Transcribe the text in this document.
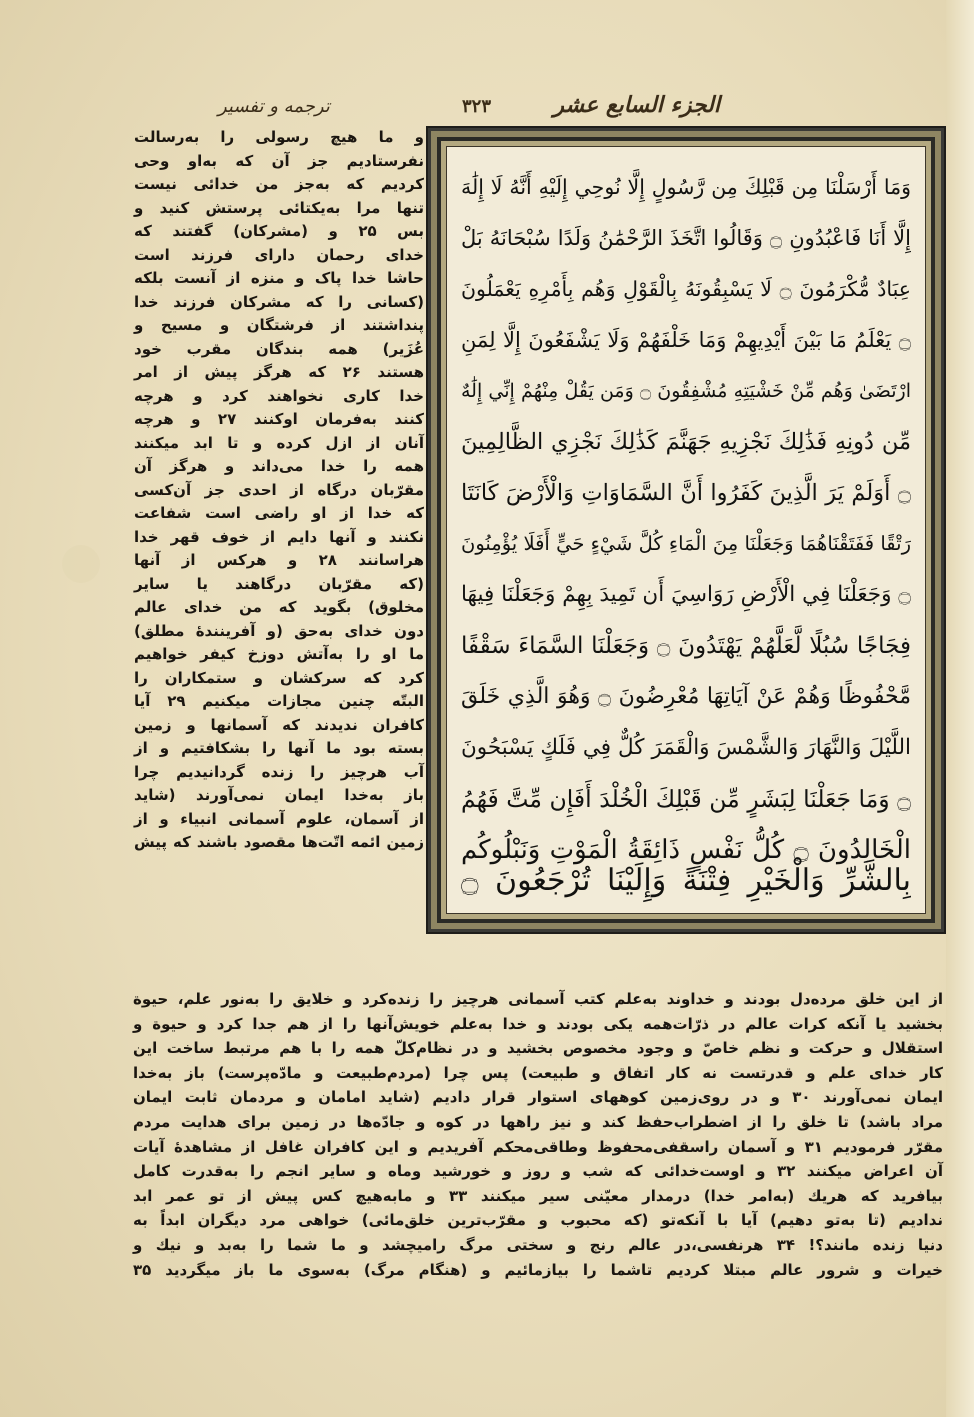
الجزء السابع عشر
۳۲۳
ترجمه و تفسیر
وَمَا أَرْسَلْنَا مِن قَبْلِكَ مِن رَّسُولٍ إِلَّا نُوحِي إِلَيْهِ أَنَّهُ لَا إِلَٰهَ
إِلَّا أَنَا فَاعْبُدُونِ ۝ وَقَالُوا اتَّخَذَ الرَّحْمَٰنُ وَلَدًا سُبْحَانَهُ بَلْ
عِبَادٌ مُّكْرَمُونَ ۝ لَا يَسْبِقُونَهُ بِالْقَوْلِ وَهُم بِأَمْرِهِ يَعْمَلُونَ
۝ يَعْلَمُ مَا بَيْنَ أَيْدِيهِمْ وَمَا خَلْفَهُمْ وَلَا يَشْفَعُونَ إِلَّا لِمَنِ
ارْتَضَىٰ وَهُم مِّنْ خَشْيَتِهِ مُشْفِقُونَ ۝ وَمَن يَقُلْ مِنْهُمْ إِنِّي إِلَٰهٌ
مِّن دُونِهِ فَذَٰلِكَ نَجْزِيهِ جَهَنَّمَ كَذَٰلِكَ نَجْزِي الظَّالِمِينَ
۝ أَوَلَمْ يَرَ الَّذِينَ كَفَرُوا أَنَّ السَّمَاوَاتِ وَالْأَرْضَ كَانَتَا
رَتْقًا فَفَتَقْنَاهُمَا وَجَعَلْنَا مِنَ الْمَاءِ كُلَّ شَيْءٍ حَيٍّ أَفَلَا يُؤْمِنُونَ
۝ وَجَعَلْنَا فِي الْأَرْضِ رَوَاسِيَ أَن تَمِيدَ بِهِمْ وَجَعَلْنَا فِيهَا
فِجَاجًا سُبُلًا لَّعَلَّهُمْ يَهْتَدُونَ ۝ وَجَعَلْنَا السَّمَاءَ سَقْفًا
مَّحْفُوظًا وَهُمْ عَنْ آيَاتِهَا مُعْرِضُونَ ۝ وَهُوَ الَّذِي خَلَقَ
اللَّيْلَ وَالنَّهَارَ وَالشَّمْسَ وَالْقَمَرَ كُلٌّ فِي فَلَكٍ يَسْبَحُونَ
۝ وَمَا جَعَلْنَا لِبَشَرٍ مِّن قَبْلِكَ الْخُلْدَ أَفَإِن مِّتَّ فَهُمُ
الْخَالِدُونَ ۝ كُلُّ نَفْسٍ ذَائِقَةُ الْمَوْتِ وَنَبْلُوكُم
بِالشَّرِّ وَالْخَيْرِ فِتْنَةً وَإِلَيْنَا تُرْجَعُونَ ۝
و ما هیچ رسولی را به‌رسالت
نفرستادیم جز آن که به‌او وحی
کردیم که به‌جز من خدائی نیست
تنها مرا به‌یکتائی پرستش کنید و
بس ۲۵ و (مشرکان) گفتند که
خدای رحمان دارای فرزند است
حاشا خدا پاک و منزه از آنست بلکه
(کسانی را که مشرکان فرزند خدا
پنداشتند از فرشتگان و مسیح و
عُزَیر) همه بندگان مقرب خود
هستند ۲۶ که هرگز پیش از امر
خدا کاری نخواهند کرد و هرچه
کنند به‌فرمان اوکنند ۲۷ و هرچه
آنان از ازل کرده و تا ابد میکنند
همه را خدا می‌داند و هرگز آن
مقرّبان درگاه از احدی جز آن‌کسی
که خدا از او راضی است شفاعت
نکنند و آنها دایم از خوف قهر خدا
هراسانند ۲۸ و هرکس از آنها
(که مقرّبان درگاهند یا سایر
مخلوق) بگوید که من خدای عالم
دون خدای به‌حق (و آفرینندهٔ مطلق)
ما او را به‌آتش دوزخ کیفر خواهیم
کرد که سرکشان و ستمکاران را
البتّه چنین مجازات میکنیم ۲۹ آیا
کافران ندیدند که آسمانها و زمین
بسته بود ما آنها را بشکافتیم و از
آب هرچیز را زنده گردانیدیم چرا
باز به‌خدا ایمان نمی‌آورند (شاید
از آسمان، علوم آسمانی انبیاء و از
زمین ائمه اتّت‌ها مقصود باشند که پیش
از این خلق مرده‌دل بودند و خداوند به‌علم کتب آسمانی هرچیز را زنده‌کرد و خلایق را به‌نور علم، حیوة
بخشید یا آنکه کرات عالم در ذرّات‌همه یکی بودند و خدا به‌علم خویش‌آنها را از هم جدا کرد و حیوة و
استقلال و حرکت و نظم خاصّ و وجود مخصوص بخشید و در نظام‌کلّ همه را با هم مرتبط ساخت این
کار خدای علم و قدرتست نه کار اتفاق و طبیعت) پس چرا (مردم‌طبیعت و مادّه‌پرست) باز به‌خدا
ایمان نمی‌آورند ۳۰ و در روی‌زمین کوههای استوار قرار دادیم (شاید امامان و مردمان ثابت ایمان
مراد باشد) تا خلق را از اضطراب‌حفظ کند و نیز راهها در کوه و جادّه‌ها در زمین برای هدایت مردم
مقرّر فرمودیم ۳۱ و آسمان راسقفی‌محفوظ وطاقی‌محکم آفریدیم و این کافران غافل از مشاهدهٔ آیات
آن اعراض میکنند ۳۲ و اوست‌خدائی که شب و روز و خورشید وماه و سایر انجم را به‌قدرت کامل
بیافرید که هریك (به‌امر خدا) درمدار معیّنی سیر میکنند ۳۳ و مابه‌هیچ کس پیش از تو عمر ابد
ندادیم (تا به‌تو دهیم) آیا با آنکه‌تو (که محبوب و مقرّب‌ترین خلق‌مائی) خواهی مرد دیگران ابداً به
دنیا زنده مانند؟! ۳۴ هرنفسی،در عالم رنج و سختی مرگ رامیچشد و ما شما را به‌بد و نیك و
خیرات و شرور عالم مبتلا کردیم تاشما را بیازمائیم و (هنگام مرگ) به‌سوی ما باز میگردید ۳۵
